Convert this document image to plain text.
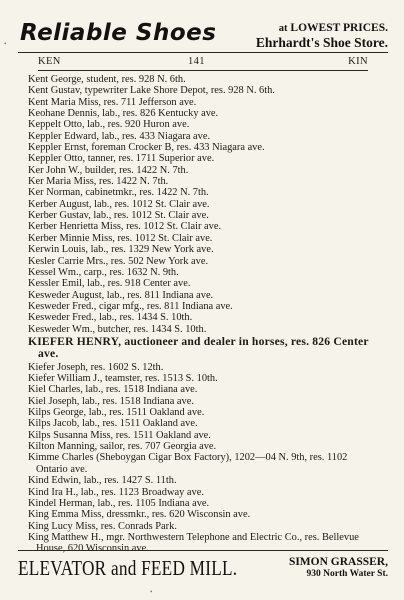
Reliable Shoes	at LOWEST PRICES.
Ehrhardt's Shoe Store.
KEN	141	KIN
Kent George, student, res. 928 N. 6th.
Kent Gustav, typewriter Lake Shore Depot, res. 928 N. 6th.
Kent Maria Miss, res. 711 Jefferson ave.
Keohane Dennis, lab., res. 826 Kentucky ave.
Keppelt Otto, lab., res. 920 Huron ave.
Keppler Edward, lab., res. 433 Niagara ave.
Keppler Ernst, foreman Crocker B, res. 433 Niagara ave.
Keppler Otto, tanner, res. 1711 Superior ave.
Ker John W., builder, res. 1422 N. 7th.
Ker Maria Miss, res. 1422 N. 7th.
Ker Norman, cabinetmkr., res. 1422 N. 7th.
Kerber August, lab., res. 1012 St. Clair ave.
Kerber Gustav, lab., res. 1012 St. Clair ave.
Kerber Henrietta Miss, res. 1012 St. Clair ave.
Kerber Minnie Miss, res. 1012 St. Clair ave.
Kerwin Louis, lab., res. 1329 New York ave.
Kesler Carrie Mrs., res. 502 New York ave.
Kessel Wm., carp., res. 1632 N. 9th.
Kessler Emil, lab., res. 918 Center ave.
Kesweder August, lab., res. 811 Indiana ave.
Kesweder Fred., cigar mfg., res. 811 Indiana ave.
Kesweder Fred., lab., res. 1434 S. 10th.
Kesweder Wm., butcher, res. 1434 S. 10th.
KIEFER HENRY, auctioneer and dealer in horses, res. 826 Center ave.
Kiefer Joseph, res. 1602 S. 12th.
Kiefer William J., teamster, res. 1513 S. 10th.
Kiel Charles, lab., res. 1518 Indiana ave.
Kiel Joseph, lab., res. 1518 Indiana ave.
Kilps George, lab., res. 1511 Oakland ave.
Kilps Jacob, lab., res. 1511 Oakland ave.
Kilps Susanna Miss, res. 1511 Oakland ave.
Kilton Manning, sailor, res. 707 Georgia ave.
Kimme Charles (Sheboygan Cigar Box Factory), 1202—04 N. 9th, res. 1102 Ontario ave.
Kind Edwin, lab., res. 1427 S. 11th.
Kind Ira H., lab., res. 1123 Broadway ave.
Kindel Herman, lab., res. 1105 Indiana ave.
King Emma Miss, dressmkr., res. 620 Wisconsin ave.
King Lucy Miss, res. Conrads Park.
King Matthew H., mgr. Northwestern Telephone and Electric Co., res. Bellevue House, 620 Wisconsin ave.
ELEVATOR and FEED MILL.	SIMON GRASSER,
930 North Water St.
•
•
